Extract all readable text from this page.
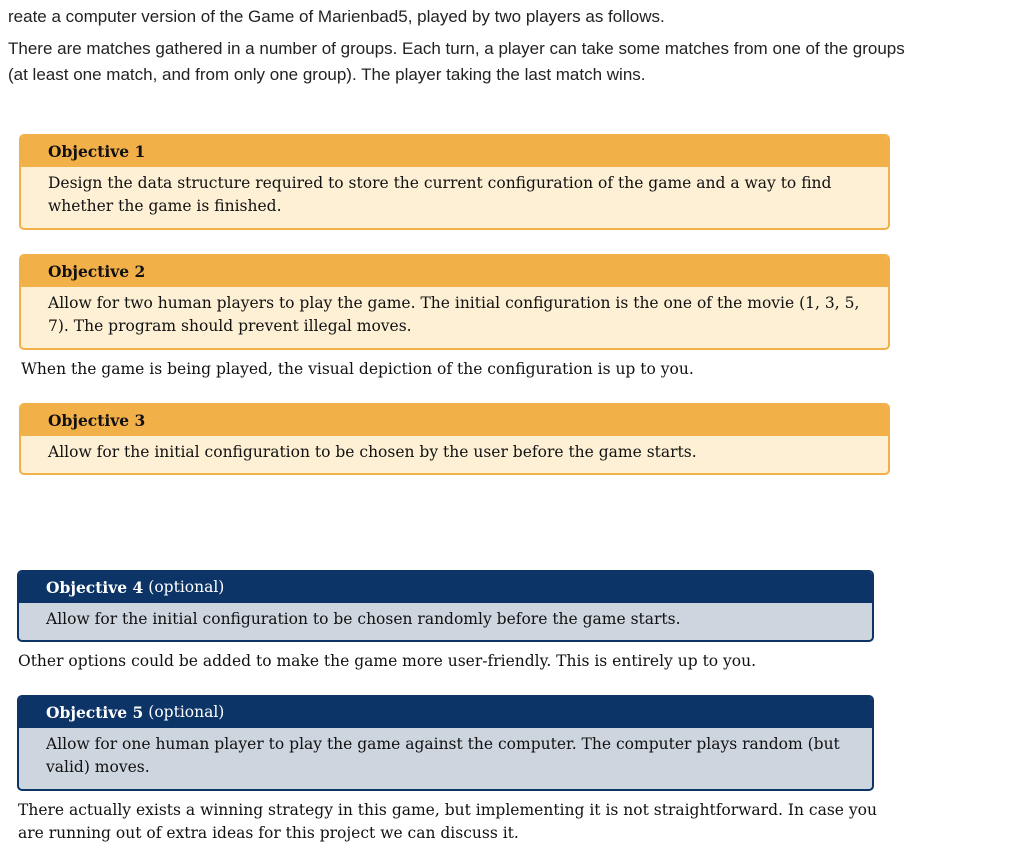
reate a computer version of the Game of Marienbad5, played by two players as follows.

There are matches gathered in a number of groups. Each turn, a player can take some matches from one of the groups (at least one match, and from only one group). The player taking the last match wins.

Objective 1
Design the data structure required to store the current configuration of the game and a way to find whether the game is finished.
Objective 2
Allow for two human players to play the game. The initial configuration is the one of the movie (1, 3, 5, 7). The program should prevent illegal moves.

When the game is being played, the visual depiction of the configuration is up to you.

Objective 3
Allow for the initial configuration to be chosen by the user before the game starts.
Objective 4
(optional)
Allow for the initial configuration to be chosen randomly before the game starts.

Other options could be added to make the game more user-friendly. This is entirely up to you.

Objective 5
(optional)
Allow for one human player to play the game against the computer. The computer plays random (but valid) moves.

There actually exists a winning strategy in this game, but implementing it is not straightforward. In case you are running out of extra ideas for this project we can discuss it.
